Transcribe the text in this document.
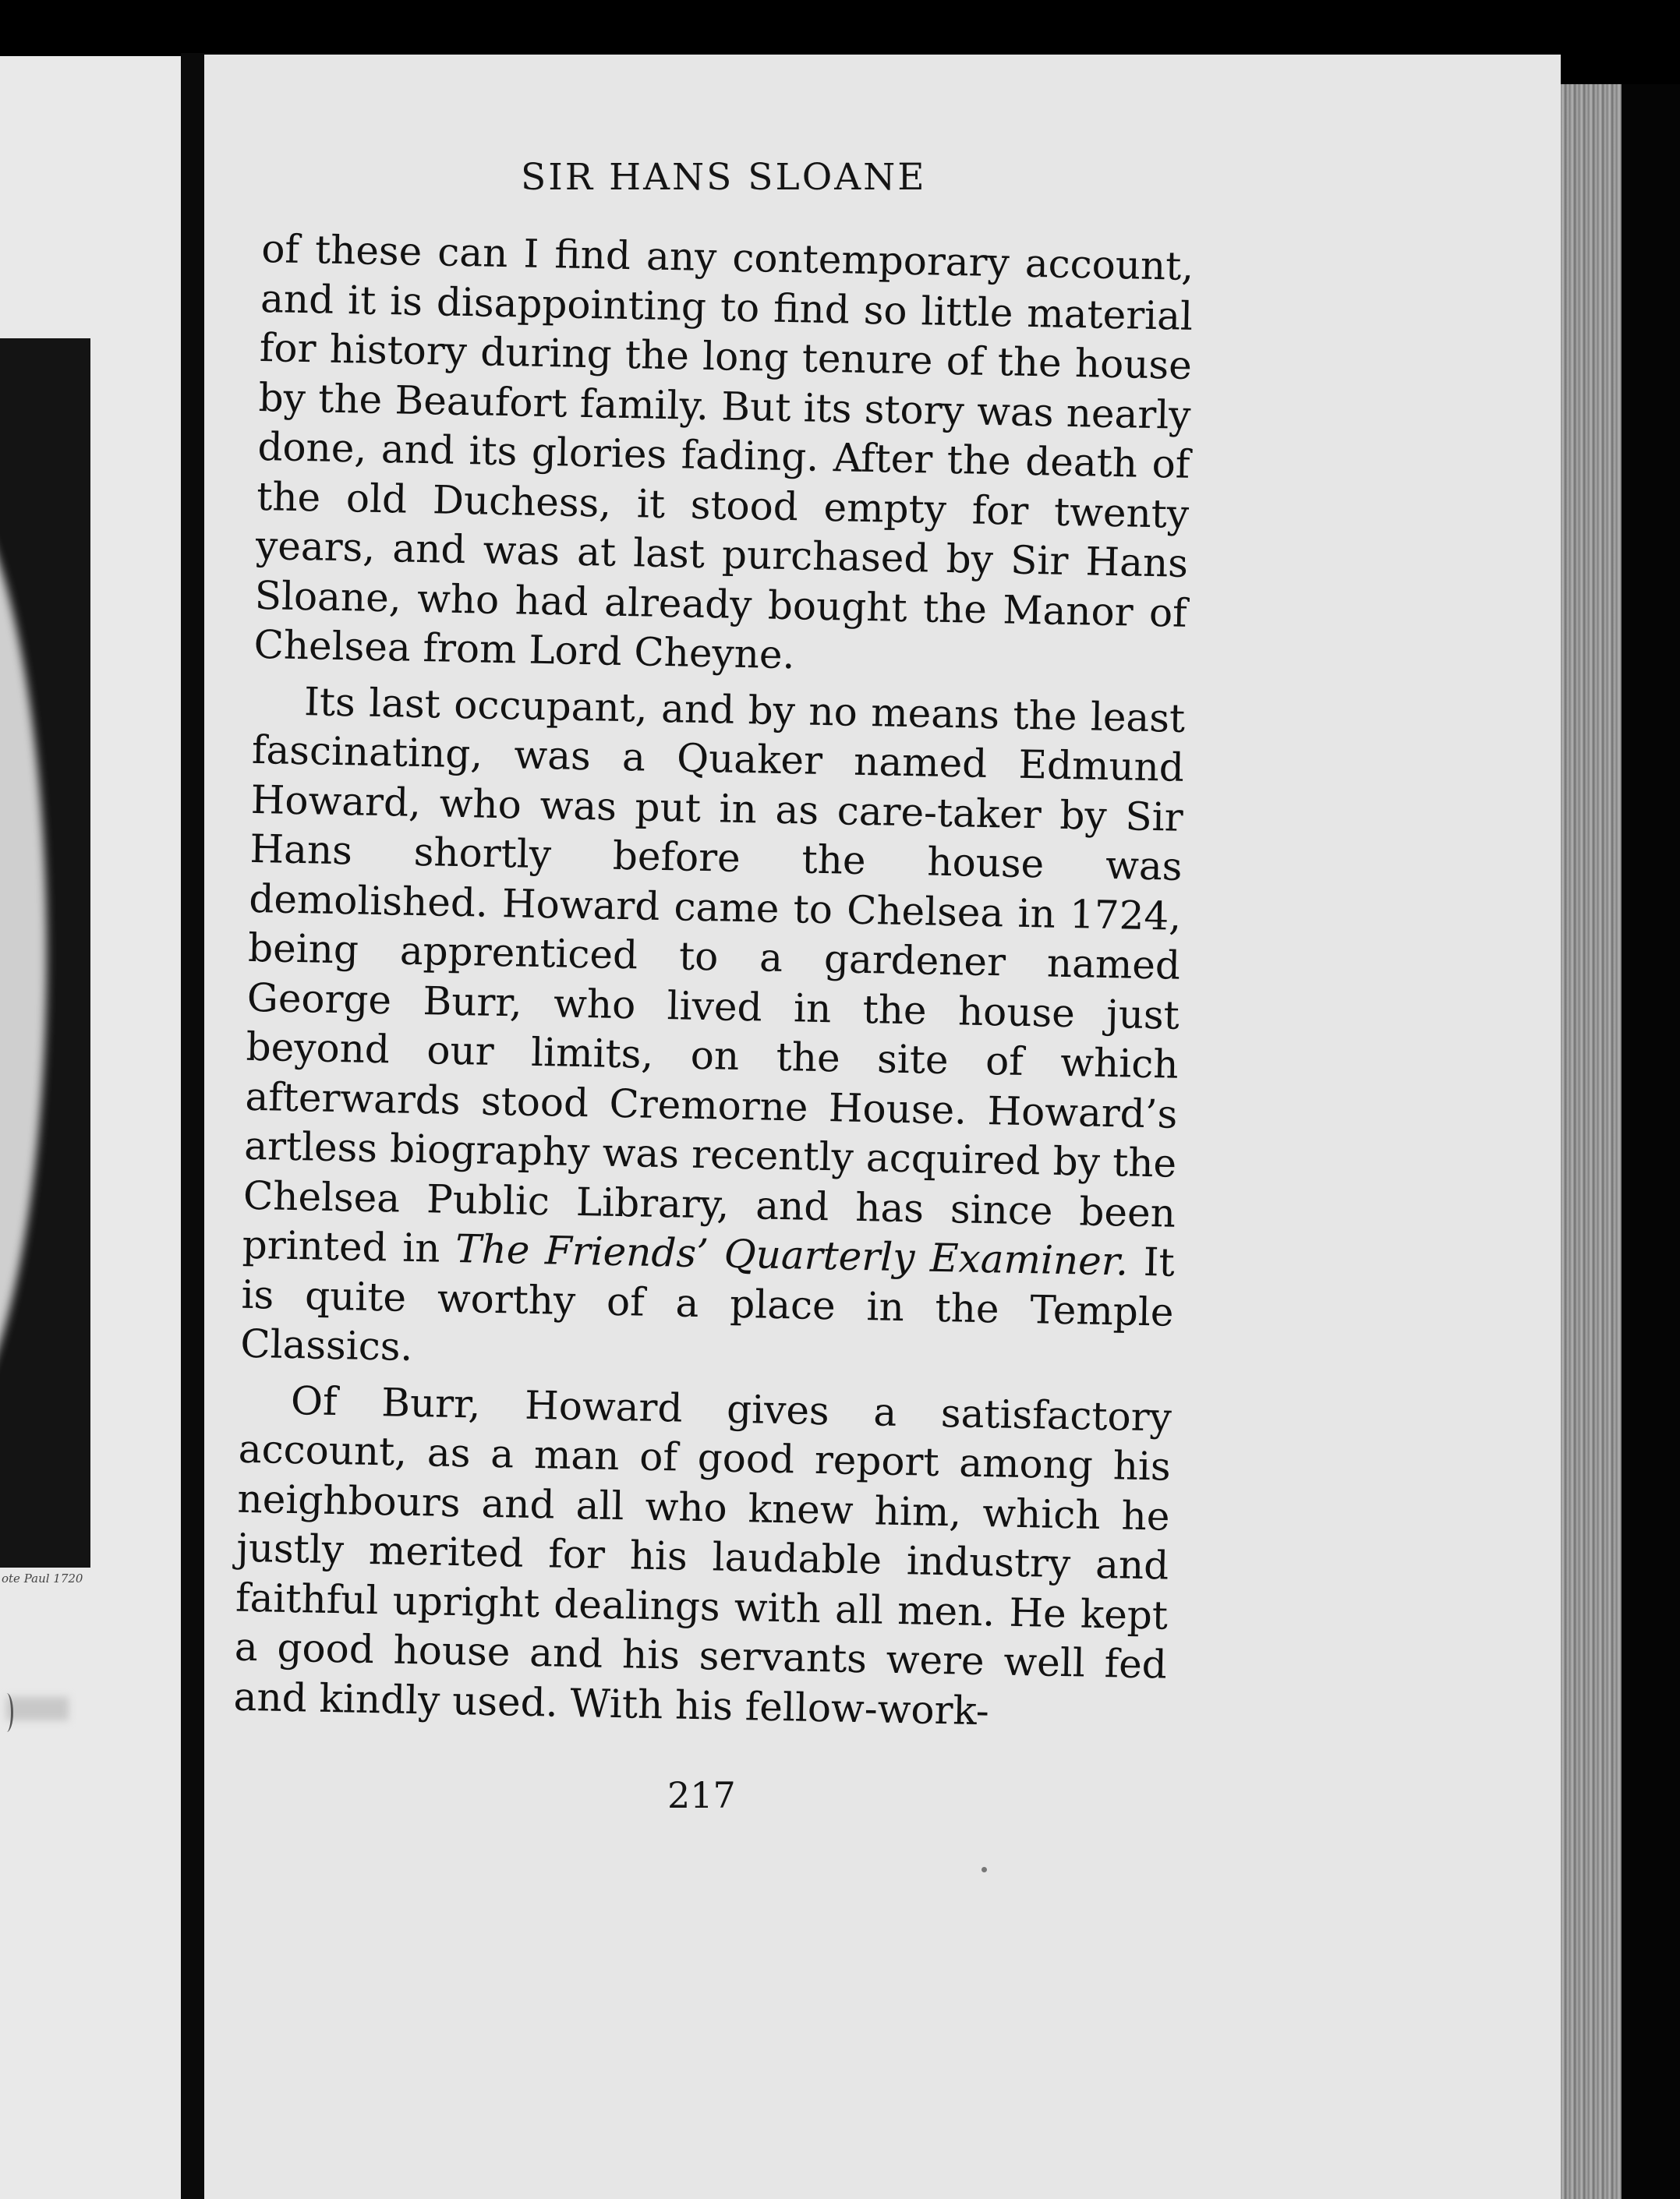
ote Paul 1720
SIR HANS SLOANE

of these can I find any contemporary account, and it is disappointing to find so little material for history during the long tenure of the house by the Beaufort family. But its story was nearly done, and its glories fading. After the death of the old Duchess, it stood empty for twenty years, and was at last purchased by Sir Hans Sloane, who had already bought the Manor of Chelsea from Lord Cheyne.

Its last occupant, and by no means the least fascinating, was a Quaker named Edmund Howard, who was put in as care-taker by Sir Hans shortly before the house was demolished. Howard came to Chelsea in 1724, being apprenticed to a gardener named George Burr, who lived in the house just beyond our limits, on the site of which afterwards stood Cremorne House. Howard’s artless biography was recently acquired by the Chelsea Public Library, and has since been printed in The Friends’ Quarterly Examiner. It is quite worthy of a place in the Temple Classics.

Of Burr, Howard gives a satisfactory account, as a man of good report among his neighbours and all who knew him, which he justly merited for his laudable industry and faithful upright dealings with all men. He kept a good house and his servants were well fed and kindly used. With his fellow-work-

217
